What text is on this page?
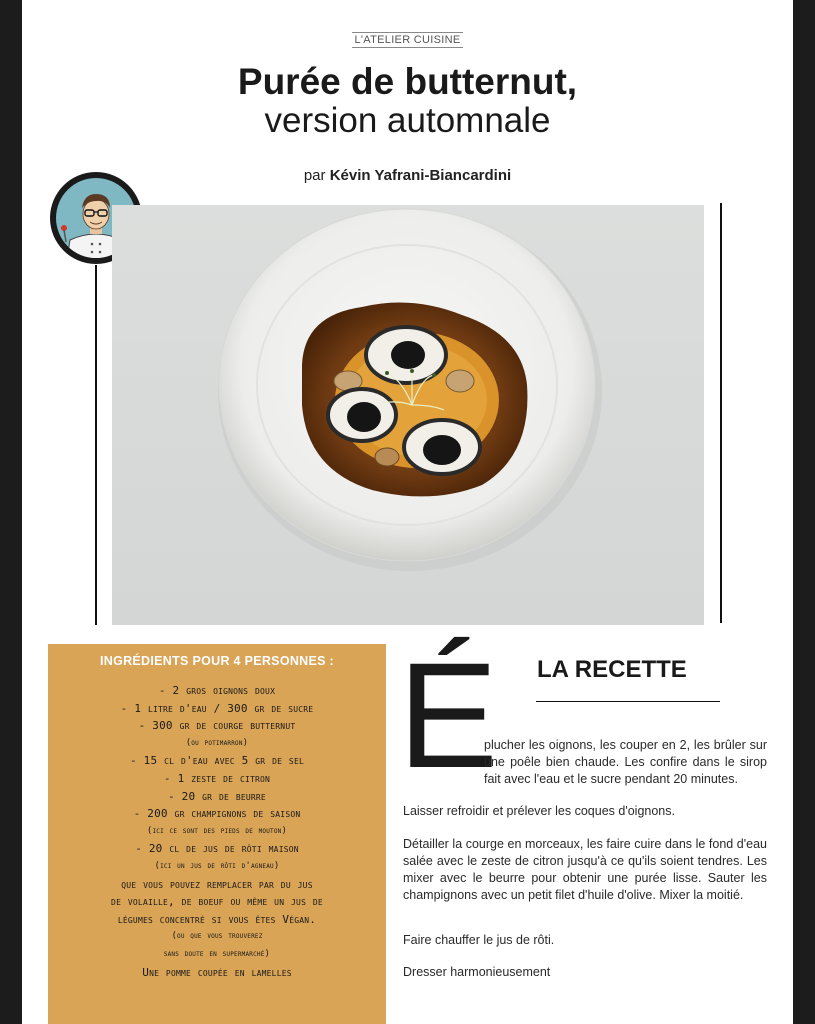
L'ATELIER CUISINE
Purée de butternut,
version automnale
par Kévin Yafrani-Biancardini
INGRÉDIENTS POUR 4 PERSONNES :
- 2 gros oignons doux
- 1 litre d'eau / 300 gr de sucre
- 300 gr de courge butternut
(ou potimarron)
- 15 cl d'eau avec 5 gr de sel
- 1 zeste de citron
- 20 gr de beurre
- 200 gr champignons de saison
(ici ce sont des pieds de mouton)
- 20 cl de jus de rôti maison
(ici un jus de rôti d'agneau)
que vous pouvez remplacer par du jus
de volaille, de boeuf ou même un jus de
légumes concentré si vous êtes Végan.
(ou que vous trouverez
sans doute en supermarché)
Une pomme coupée en lamelles
LA RECETTE
É

plucher les oignons, les couper en 2, les brûler sur une poêle bien chaude. Les confire dans le sirop fait avec l'eau et le sucre pendant 20 minutes.

Laisser refroidir et prélever les coques d'oignons.

Détailler la courge en morceaux, les faire cuire dans le fond d'eau salée avec le zeste de citron jusqu'à ce qu'ils soient tendres. Les mixer avec le beurre pour obtenir une purée lisse. Sauter les champignons avec un petit filet d'huile d'olive. Mixer la moitié.

Faire chauffer le jus de rôti.

Dresser harmonieusement
